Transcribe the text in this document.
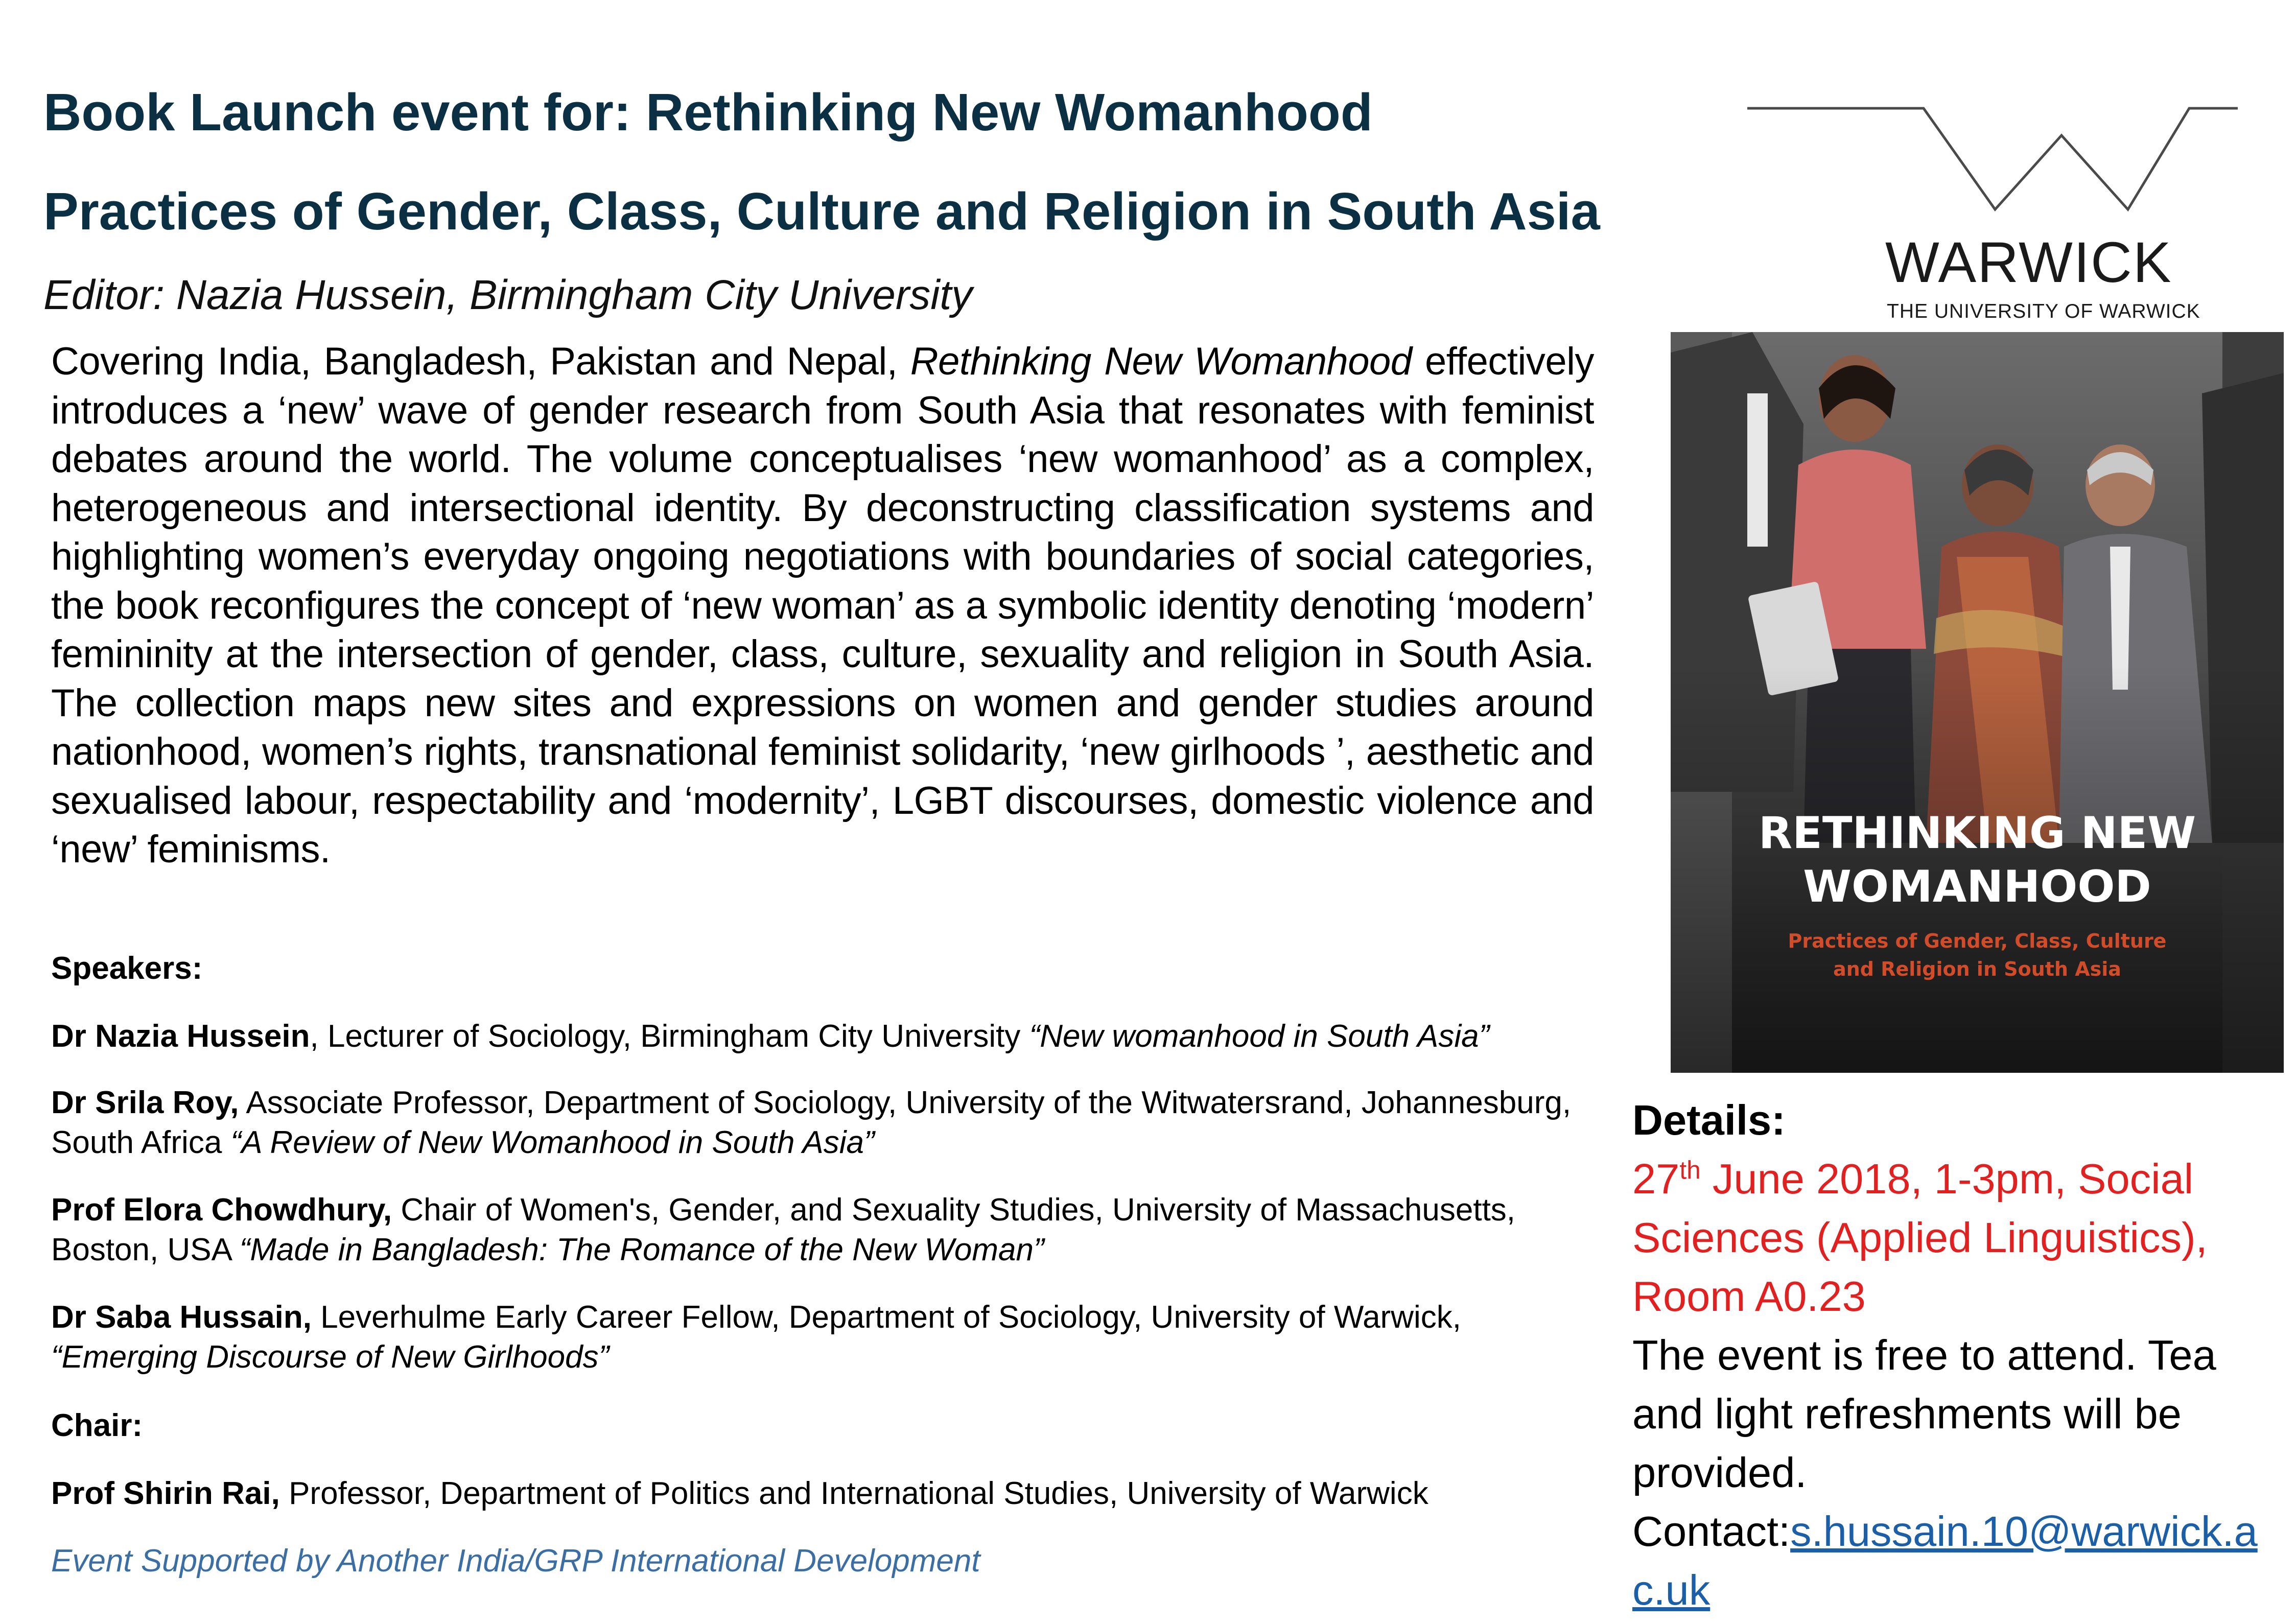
Book Launch event for: Rethinking New Womanhood
Practices of Gender, Class, Culture and Religion in South Asia
Editor: Nazia Hussein, Birmingham City University
WARWICK
THE UNIVERSITY OF WARWICK
Covering India, Bangladesh, Pakistan and Nepal, Rethinking New Womanhood effectively introduces a ‘new’ wave of gender research from South Asia that resonates with feminist debates around the world. The volume conceptualises ‘new womanhood’ as a complex, heterogeneous and intersectional identity. By deconstructing classification systems and highlighting women’s everyday ongoing negotiations with boundaries of social categories, the book reconfigures the concept of ‘new woman’ as a symbolic identity denoting ‘modern’ femininity at the intersection of gender, class, culture, sexuality and religion in South Asia. The collection maps new sites and expressions on women and gender studies around nationhood, women’s rights, transnational feminist solidarity, ‘new girlhoods ’, aesthetic and sexualised labour, respectability and ‘modernity’, LGBT discourses, domestic violence and ‘new’ feminisms.
Speakers:
Dr Nazia Hussein, Lecturer of Sociology, Birmingham City University “New womanhood in South Asia”
Dr Srila Roy, Associate Professor, Department of Sociology, University of the Witwatersrand, Johannesburg, South Africa “A Review of New Womanhood in South Asia”
Prof Elora Chowdhury, Chair of Women's, Gender, and Sexuality Studies, University of Massachusetts, Boston, USA “Made in Bangladesh: The Romance of the New Woman”
Dr Saba Hussain, Leverhulme Early Career Fellow, Department of Sociology, University of Warwick, “Emerging Discourse of New Girlhoods”
Chair:
Prof Shirin Rai, Professor, Department of Politics and International Studies, University of Warwick
Event Supported by Another India/GRP International Development
RETHINKING NEW
WOMANHOOD
Practices of Gender, Class, Culture
and Religion in South Asia
Details:
27th June 2018, 1-3pm, Social Sciences (Applied Linguistics), Room A0.23
The event is free to attend. Tea and light refreshments will be provided.
Contact:s.hussain.10@warwick.ac.uk
